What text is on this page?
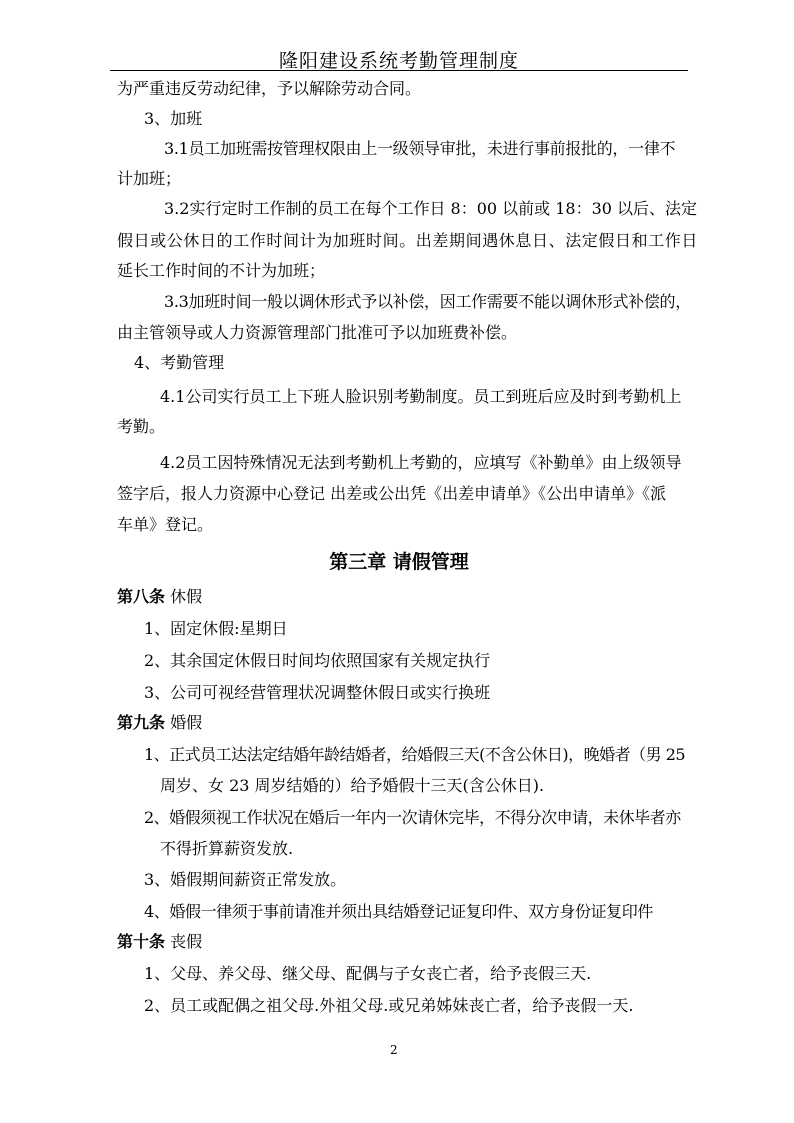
隆阳建设系统考勤管理制度
为严重违反劳动纪律，予以解除劳动合同。
3、加班
3.1员工加班需按管理权限由上一级领导审批，未进行事前报批的，一律不
计加班；
3.2实行定时工作制的员工在每个工作日 8：00 以前或 18：30 以后、法定
假日或公休日的工作时间计为加班时间。出差期间遇休息日、法定假日和工作日
延长工作时间的不计为加班；
3.3加班时间一般以调休形式予以补偿，因工作需要不能以调休形式补偿的，
由主管领导或人力资源管理部门批准可予以加班费补偿。
4、考勤管理
4.1公司实行员工上下班人脸识别考勤制度。员工到班后应及时到考勤机上
考勤。
4.2员工因特殊情况无法到考勤机上考勤的，应填写《补勤单》由上级领导
签字后，报人力资源中心登记 出差或公出凭《出差申请单》《公出申请单》《派
车单》登记。
第三章 请假管理
第八条 休假
1、固定休假:星期日
2、其余国定休假日时间均依照国家有关规定执行
3、公司可视经营管理状况调整休假日或实行换班
第九条 婚假
1、正式员工达法定结婚年龄结婚者，给婚假三天(不含公休日)，晚婚者（男 25
周岁、女 23 周岁结婚的）给予婚假十三天(含公休日).
2、婚假须视工作状况在婚后一年内一次请休完毕，不得分次申请，未休毕者亦
不得折算薪资发放.
3、婚假期间薪资正常发放。
4、婚假一律须于事前请准并须出具结婚登记证复印件、双方身份证复印件
第十条 丧假
1、父母、养父母、继父母、配偶与子女丧亡者，给予丧假三天.
2、员工或配偶之祖父母.外祖父母.或兄弟姊妹丧亡者，给予丧假一天.
2
